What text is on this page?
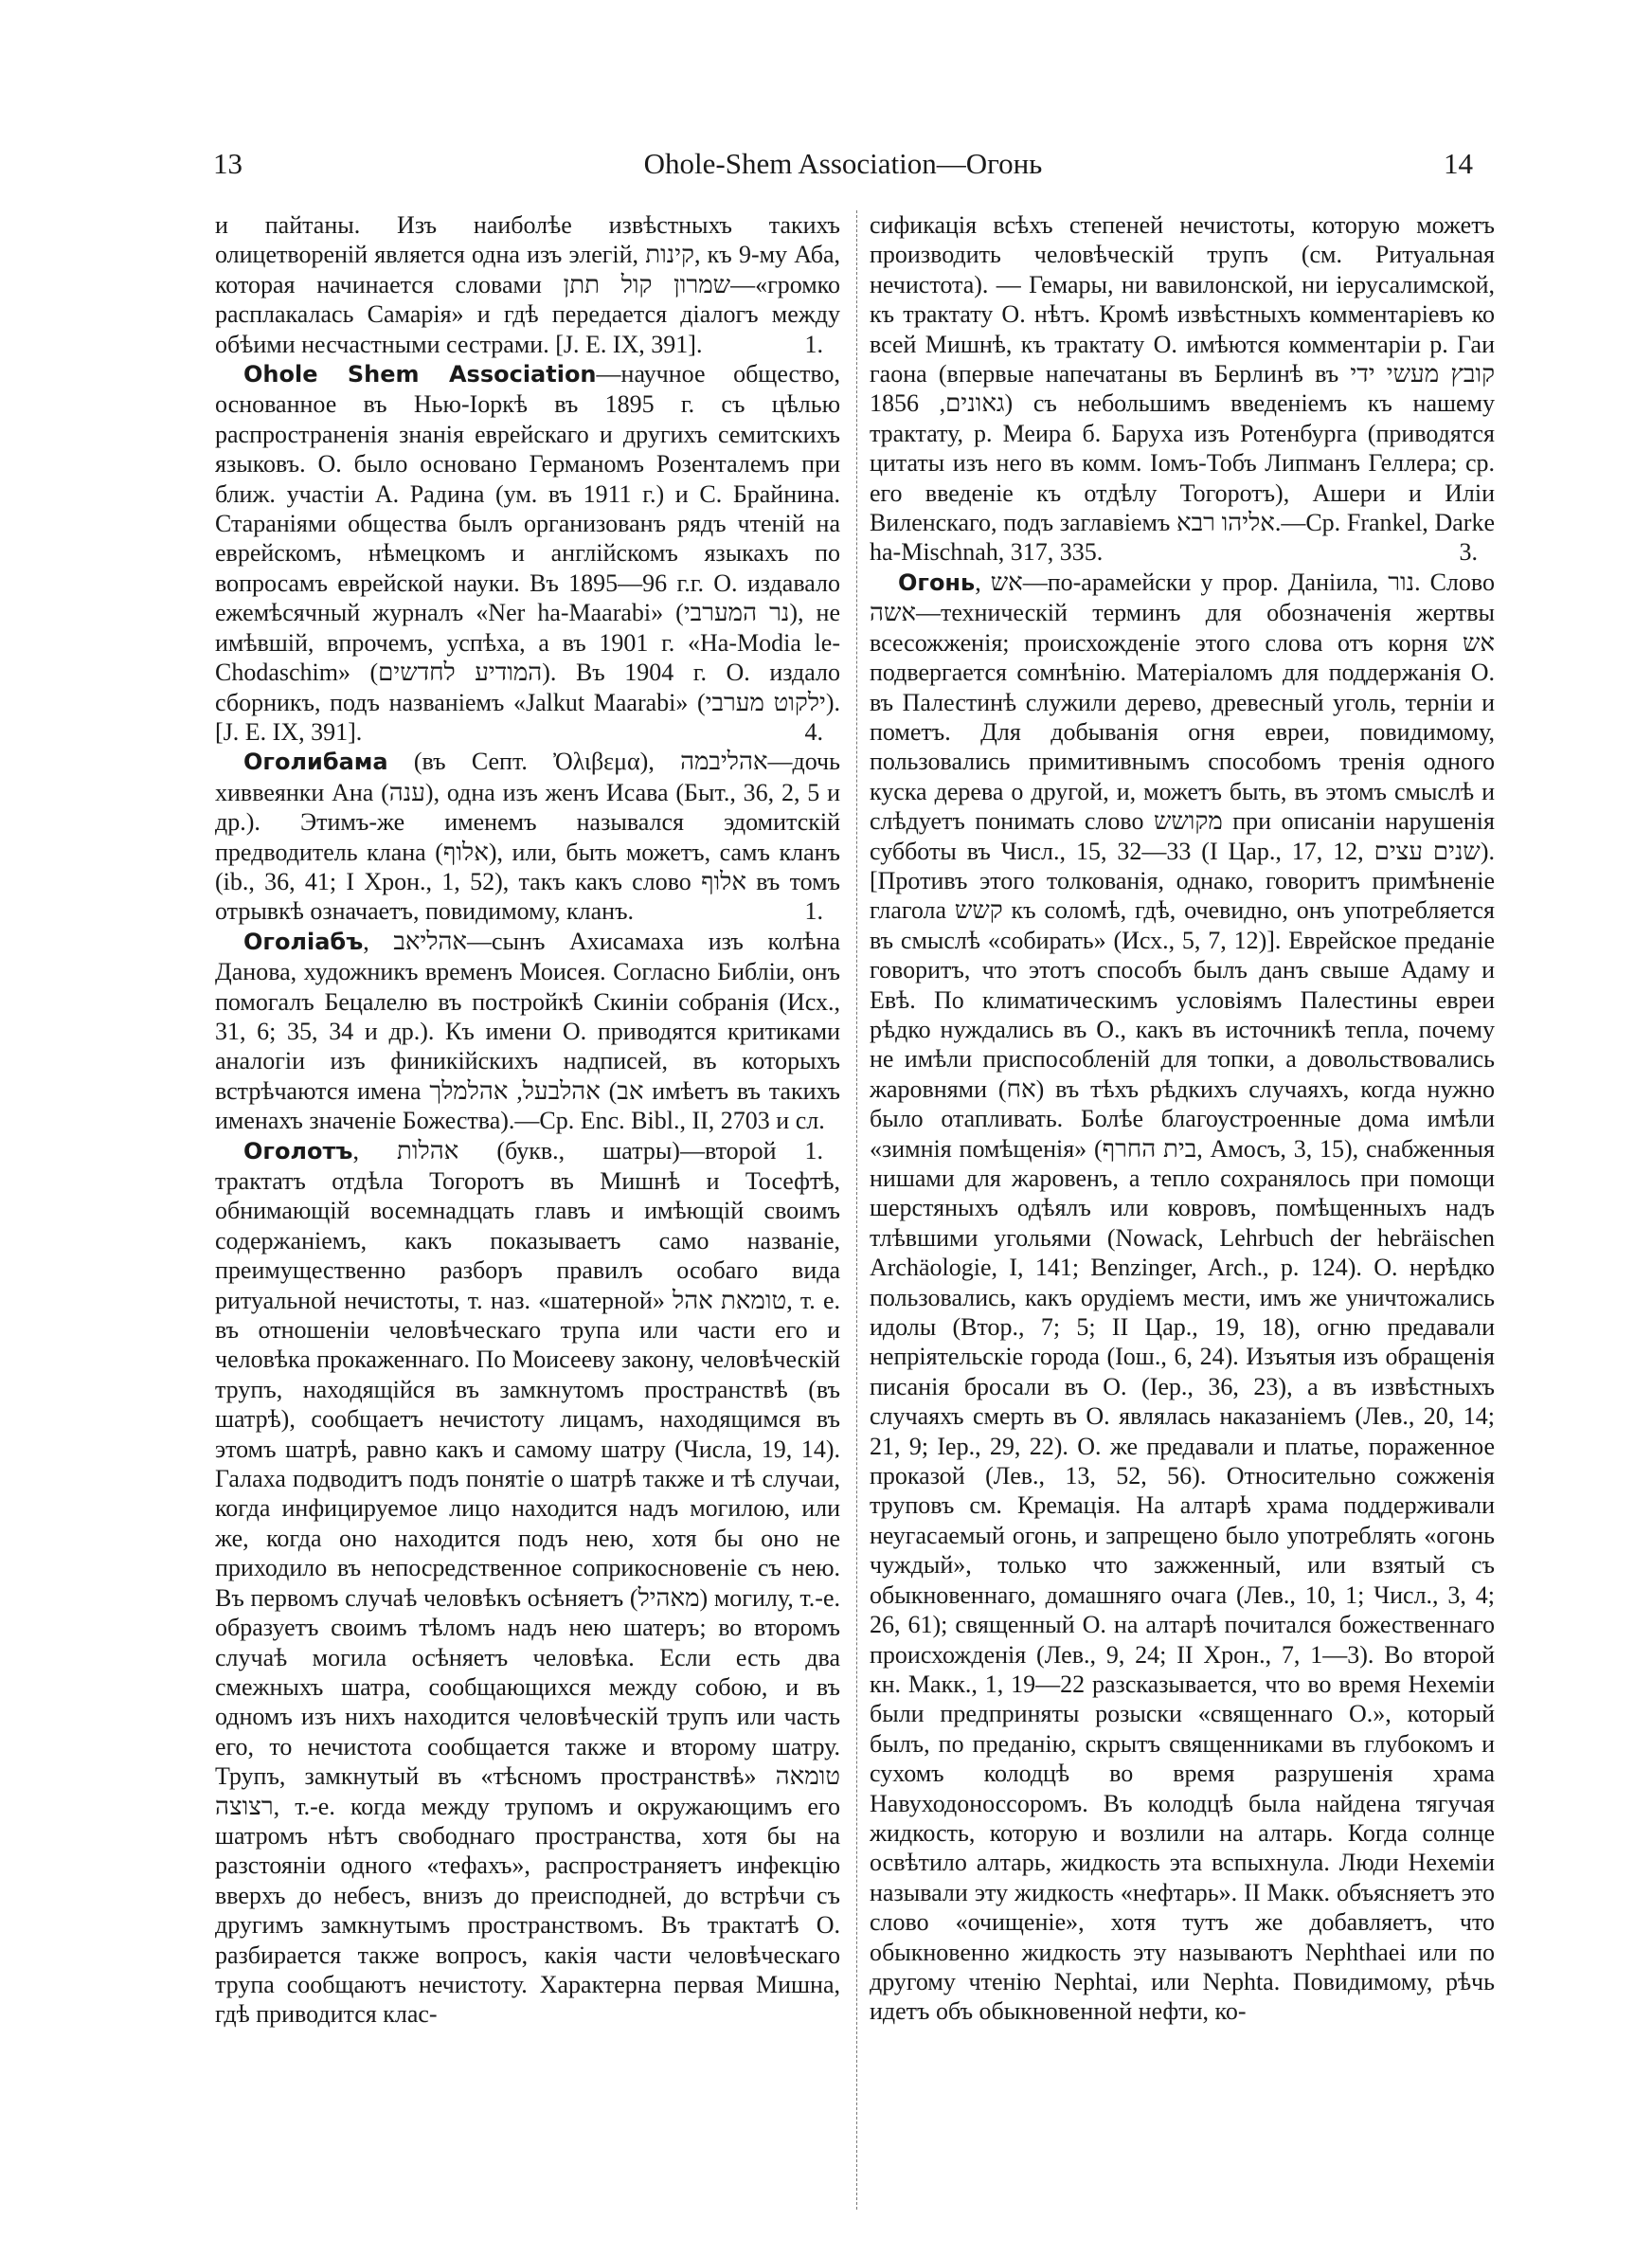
13	Ohole-Shem Association—Огонь	14

и пайтаны. Изъ наиболѣе извѣстныхъ такихъ олицетвореній является одна изъ элегій, קינות, къ 9-му Аба, которая начинается словами שמרון קול תתן—«громко расплакалась Самарія» и гдѣ передается діалогъ между обѣими несчастными сестрами. [J. E. IX, 391].	1.

Ohole Shem Association—научное общество, основанное въ Нью-Іоркѣ въ 1895 г. съ цѣлью распространенія знанія еврейскаго и другихъ семитскихъ языковъ. О. было основано Германомъ Розенталемъ при ближ. участіи А. Радина (ум. въ 1911 г.) и С. Брайнина. Стараніями общества былъ организованъ рядъ чтеній на еврейскомъ, нѣмецкомъ и англійскомъ языкахъ по вопросамъ еврейской науки. Въ 1895—96 г.г. О. издавало ежемѣсячный журналъ «Ner ha-Maarabi» (נר המערבי), не имѣвшій, впрочемъ, успѣха, а въ 1901 г. «Ha-Modia le-Chodaschim» (המודיע לחדשים). Въ 1904 г. О. издало сборникъ, подъ названіемъ «Jalkut Maarabi» (ילקוט מערבי). [J. E. IX, 391].	4.

Оголибама (въ Септ. Ὀλιβεμα), אהליבמה—дочь хиввеянки Ана (ענה), одна изъ женъ Исава (Быт., 36, 2, 5 и др.). Этимъ-же именемъ назывался эдомитскій предводитель клана (אלוף), или, быть можетъ, самъ кланъ (ib., 36, 41; I Хрон., 1, 52), такъ какъ слово אלוף въ томъ отрывкѣ означаетъ, повидимому, кланъ.	1.

Оголіабъ, אהליאב—сынъ Ахисамаха изъ колѣна Данова, художникъ временъ Моисея. Согласно Библіи, онъ помогалъ Бецалелю въ постройкѣ Скиніи собранія (Исх., 31, 6; 35, 34 и др.). Къ имени О. приводятся критиками аналогіи изъ финикійскихъ надписей, въ которыхъ встрѣчаются имена אהלבעל, אהלמלך (אב имѣетъ въ такихъ именахъ значеніе Божества).—Ср. Enc. Bibl., II, 2703 и сл.
1.

Оголотъ, אהלות (букв., шатры)—второй трактатъ отдѣла Тогоротъ въ Мишнѣ и Тосефтѣ, обнимающій восемнадцать главъ и имѣющій своимъ содержаніемъ, какъ показываетъ само названіе, преимущественно разборъ правилъ особаго вида ритуальной нечистоты, т. наз. «шатерной» טומאת אהל, т. е. въ отношеніи человѣческаго трупа или части его и человѣка прокаженнаго. По Моисееву закону, человѣческій трупъ, находящійся въ замкнутомъ пространствѣ (въ шатрѣ), сообщаетъ нечистоту лицамъ, находящимся въ этомъ шатрѣ, равно какъ и самому шатру (Числа, 19, 14). Галаха подводитъ подъ понятіе о шатрѣ также и тѣ случаи, когда инфицируемое лицо находится надъ могилою, или же, когда оно находится подъ нею, хотя бы оно не приходило въ непосредственное соприкосновеніе съ нею. Въ первомъ случаѣ человѣкъ осѣняетъ (מאהיל) могилу, т.-е. образуетъ своимъ тѣломъ надъ нею шатеръ; во второмъ случаѣ могила осѣняетъ человѣка. Если есть два смежныхъ шатра, сообщающихся между собою, и въ одномъ изъ нихъ находится человѣческій трупъ или часть его, то нечистота сообщается также и второму шатру. Трупъ, замкнутый въ «тѣсномъ пространствѣ» טומאה רצוצה, т.-е. когда между трупомъ и окружающимъ его шатромъ нѣтъ свободнаго пространства, хотя бы на разстояніи одного «тефахъ», распространяетъ инфекцію вверхъ до небесъ, внизъ до преисподней, до встрѣчи съ другимъ замкнутымъ пространствомъ. Въ трактатѣ О. разбирается также вопросъ, какія части человѣческаго трупа сообщаютъ нечистоту. Характерна первая Мишна, гдѣ приводится клас-

сификація всѣхъ степеней нечистоты, которую можетъ производить человѣческій трупъ (см. Ритуальная нечистота). — Гемары, ни вавилонской, ни іерусалимской, къ трактату О. нѣтъ. Кромѣ извѣстныхъ комментаріевъ ко всей Мишнѣ, къ трактату О. имѣются комментаріи р. Гаи гаона (впервые напечатаны въ Берлинѣ въ קובץ מעשי ידי גאונים, 1856) съ небольшимъ введеніемъ къ нашему трактату, р. Меира б. Баруха изъ Ротенбурга (приводятся цитаты изъ него въ комм. Іомъ-Тобъ Липманъ Геллера; ср. его введеніе къ отдѣлу Тогоротъ), Ашери и Иліи Виленскаго, подъ заглавіемъ אליהו רבא.—Ср. Frankel, Darke ha-Mischnah, 317, 335.	3.

Огонь, אש—по-арамейски у прор. Даніила, נור. Слово אשה—техническій терминъ для обозначенія жертвы всесожженія; происхожденіе этого слова отъ корня אש подвергается сомнѣнію. Матеріаломъ для поддержанія О. въ Палестинѣ служили дерево, древесный уголь, терніи и пометъ. Для добыванія огня евреи, повидимому, пользовались примитивнымъ способомъ тренія одного куска дерева о другой, и, можетъ быть, въ этомъ смыслѣ и слѣдуетъ понимать слово מקושש при описаніи нарушенія субботы въ Числ., 15, 32—33 (I Цар., 17, 12, שנים עצים). [Противъ этого толкованія, однако, говоритъ примѣненіе глагола קשש къ соломѣ, гдѣ, очевидно, онъ употребляется въ смыслѣ «собирать» (Исх., 5, 7, 12)]. Еврейское преданіе говоритъ, что этотъ способъ былъ данъ свыше Адаму и Евѣ. По климатическимъ условіямъ Палестины евреи рѣдко нуждались въ О., какъ въ источникѣ тепла, почему не имѣли приспособленій для топки, а довольствовались жаровнями (אח) въ тѣхъ рѣдкихъ случаяхъ, когда нужно было отапливать. Болѣе благоустроенные дома имѣли «зимнія помѣщенія» (בית החרף, Амосъ, 3, 15), снабженныя нишами для жаровенъ, а тепло сохранялось при помощи шерстяныхъ одѣялъ или ковровъ, помѣщенныхъ надъ тлѣвшими угольями (Nowack, Lehrbuch der hebräischen Archäologie, I, 141; Benzinger, Arch., p. 124). О. нерѣдко пользовались, какъ орудіемъ мести, имъ же уничтожались идолы (Втор., 7; 5; II Цар., 19, 18), огню предавали непріятельскіе города (Іош., 6, 24). Изъятыя изъ обращенія писанія бросали въ О. (Іер., 36, 23), а въ извѣстныхъ случаяхъ смерть въ О. являлась наказаніемъ (Лев., 20, 14; 21, 9; Іер., 29, 22). О. же предавали и платье, пораженное проказой (Лев., 13, 52, 56). Относительно сожженія труповъ см. Кремація. На алтарѣ храма поддерживали неугасаемый огонь, и запрещено было употреблять «огонь чуждый», только что зажженный, или взятый съ обыкновеннаго, домашняго очага (Лев., 10, 1; Числ., 3, 4; 26, 61); священный О. на алтарѣ почитался божественнаго происхожденія (Лев., 9, 24; II Хрон., 7, 1—3). Во второй кн. Макк., 1, 19—22 разсказывается, что во время Нехеміи были предприняты розыски «священнаго О.», который былъ, по преданію, скрытъ священниками въ глубокомъ и сухомъ колодцѣ во время разрушенія храма Навуходоноссоромъ. Въ колодцѣ была найдена тягучая жидкость, которую и возлили на алтарь. Когда солнце освѣтило алтарь, жидкость эта вспыхнула. Люди Нехеміи называли эту жидкость «нефтарь». II Макк. объясняетъ это слово «очищеніе», хотя тутъ же добавляетъ, что обыкновенно жидкость эту называютъ Nephthaei или по другому чтенію Nephtai, или Nephta. Повидимому, рѣчь идетъ объ обыкновенной нефти, ко-
